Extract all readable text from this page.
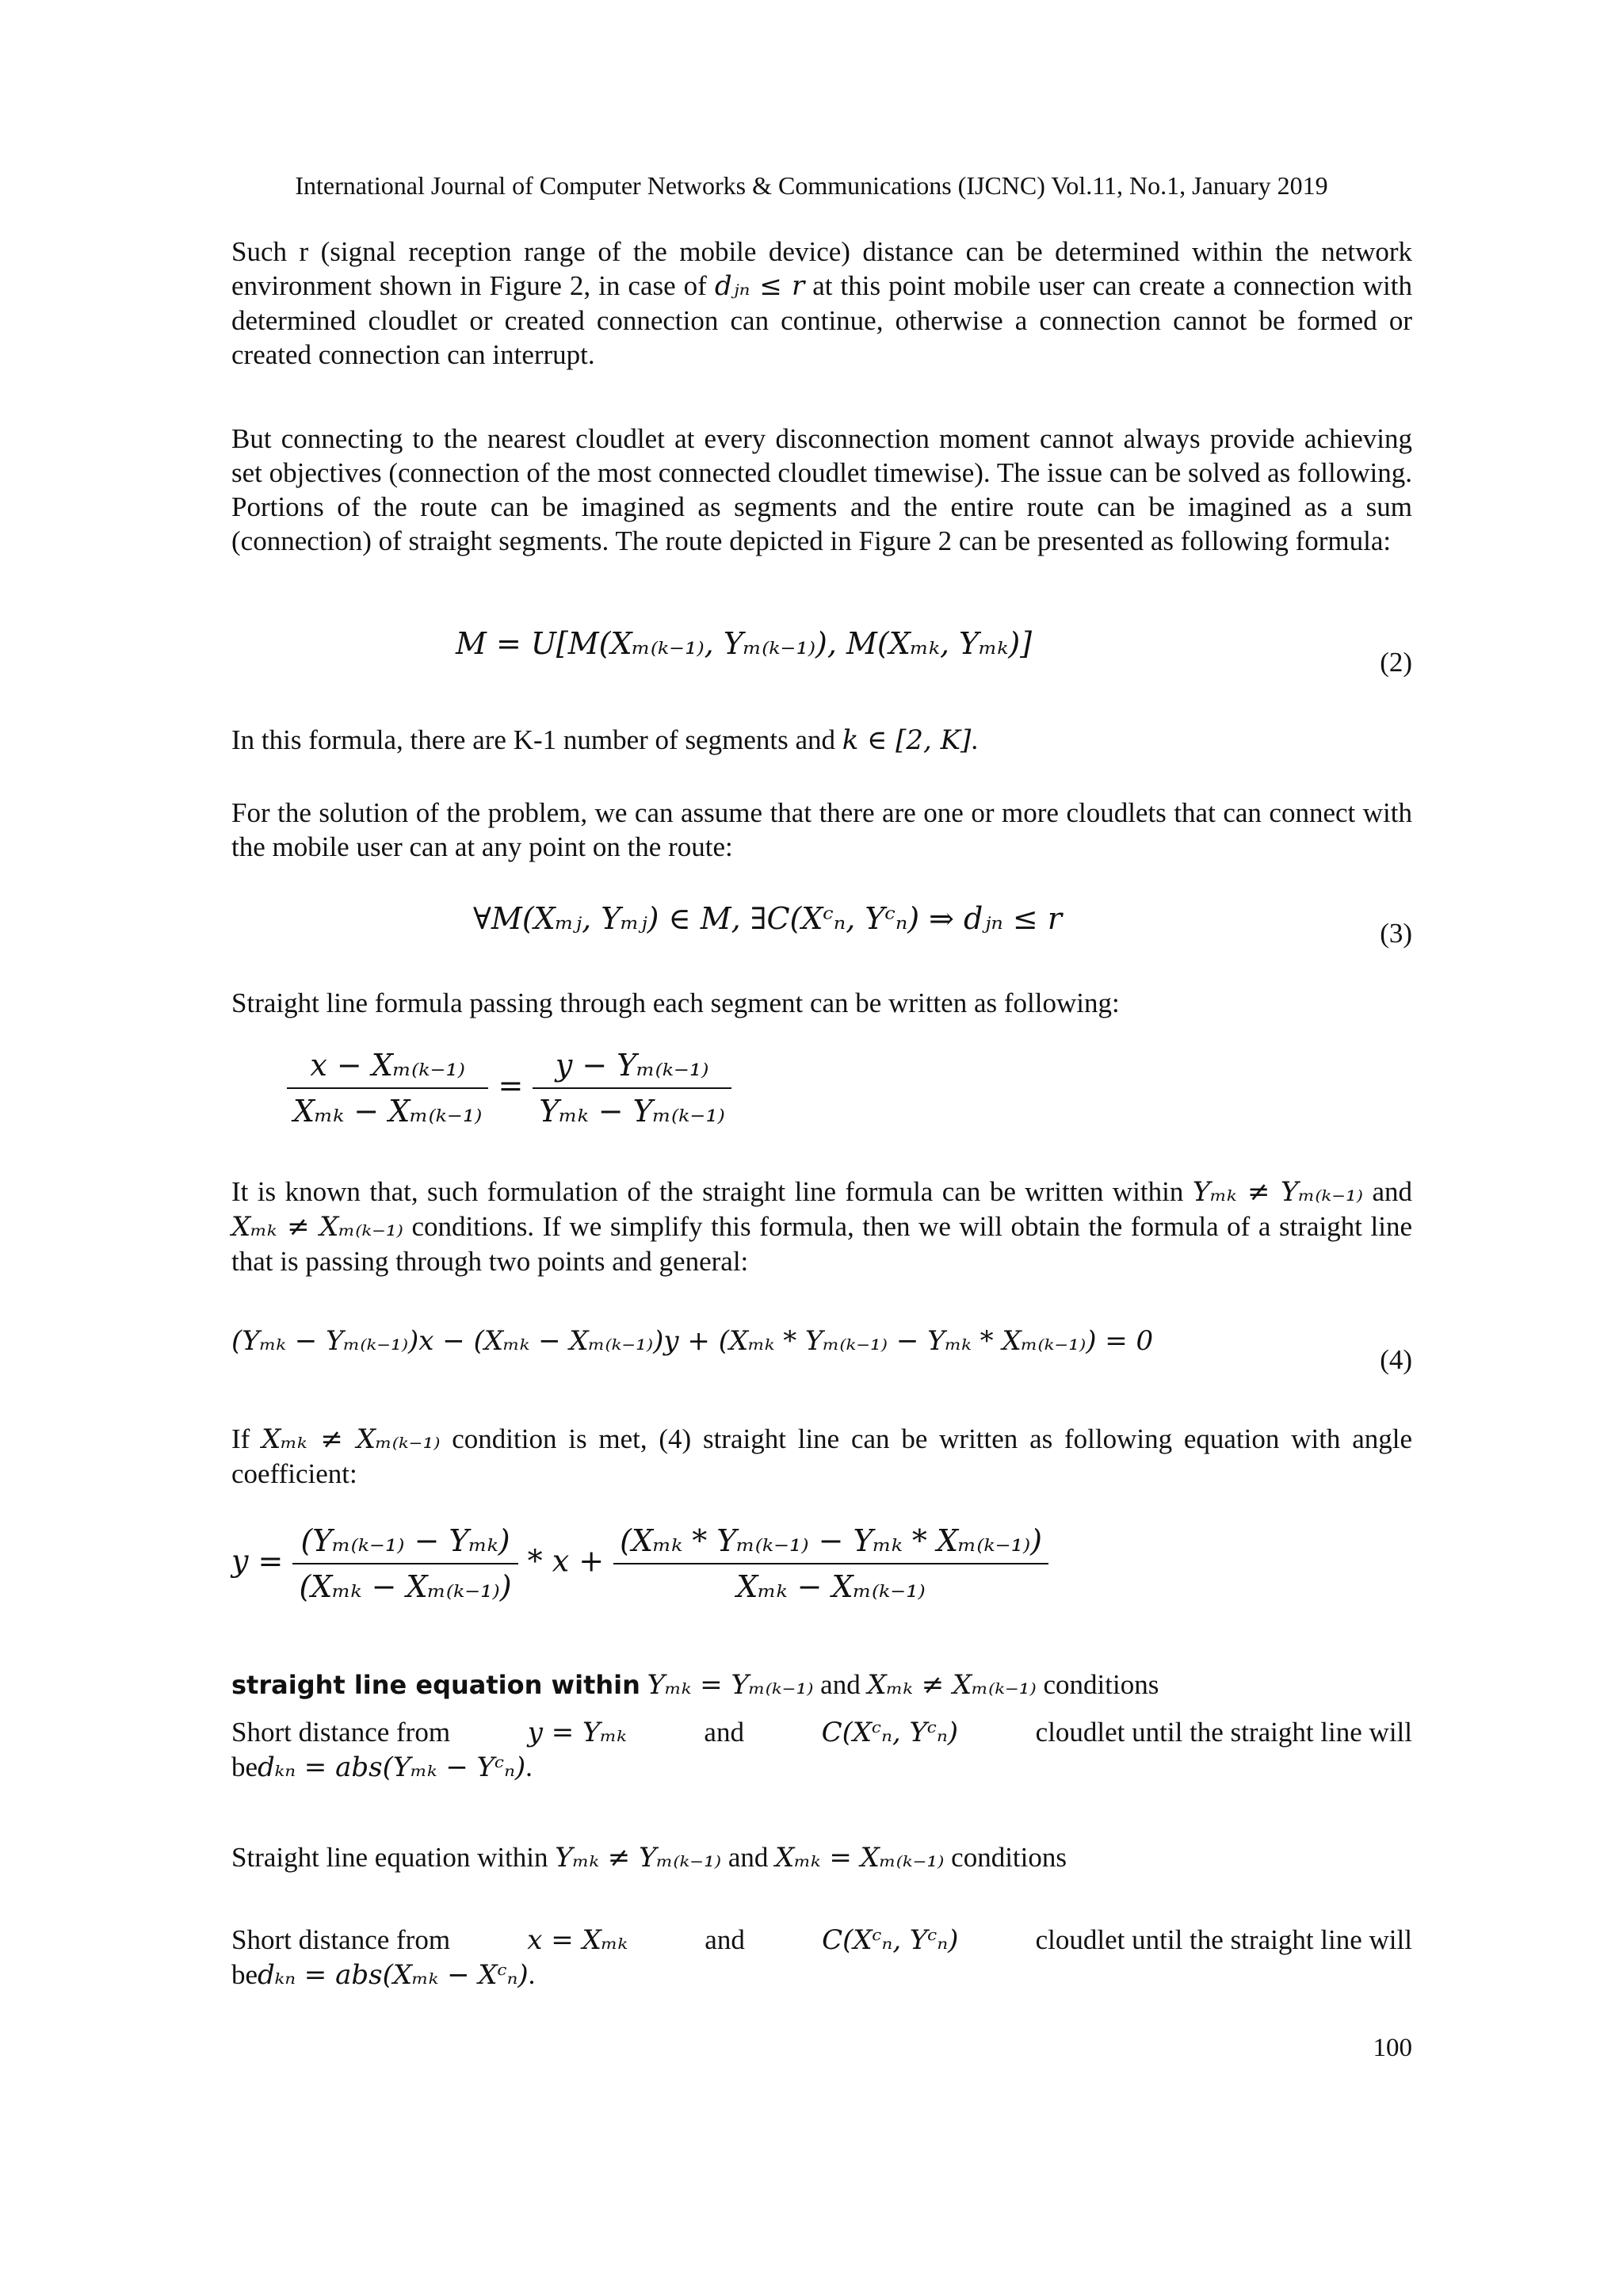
International Journal of Computer Networks & Communications (IJCNC) Vol.11, No.1, January 2019
Such r (signal reception range of the mobile device) distance can be determined within the network environment shown in Figure 2, in case of dⱼₙ ≤ r at this point mobile user can create a connection with determined cloudlet or created connection can continue, otherwise a connection cannot be formed or created connection can interrupt.
But connecting to the nearest cloudlet at every disconnection moment cannot always provide achieving set objectives (connection of the most connected cloudlet timewise). The issue can be solved as following. Portions of the route can be imagined as segments and the entire route can be imagined as a sum (connection) of straight segments. The route depicted in Figure 2 can be presented as following formula:
M = U[M(Xₘ₍ₖ₋₁₎, Yₘ₍ₖ₋₁₎), M(Xₘₖ, Yₘₖ)]
(2)
In this formula, there are K-1 number of segments and k ∈ [2, K].
For the solution of the problem, we can assume that there are one or more cloudlets that can connect with the mobile user can at any point on the route:
∀M(Xₘⱼ, Yₘⱼ) ∈ M, ∃C(Xᶜₙ, Yᶜₙ) ⇒ dⱼₙ ≤ r	(3)
Straight line formula passing through each segment can be written as following:
$\frac{\text{x − Xₘ₍ₖ₋₁₎}}{\text{Xₘₖ − Xₘ₍ₖ₋₁₎}} = \frac{\text{y − Yₘ₍ₖ₋₁₎}}{\text{Yₘₖ − Yₘ₍ₖ₋₁₎}}$
It is known that, such formulation of the straight line formula can be written within Yₘₖ ≠ Yₘ₍ₖ₋₁₎ and Xₘₖ ≠ Xₘ₍ₖ₋₁₎ conditions. If we simplify this formula, then we will obtain the formula of a straight line that is passing through two points and general:
(Yₘₖ − Yₘ₍ₖ₋₁₎)x − (Xₘₖ − Xₘ₍ₖ₋₁₎)y + (Xₘₖ * Yₘ₍ₖ₋₁₎ − Yₘₖ * Xₘ₍ₖ₋₁₎) = 0
(4)
If Xₘₖ ≠ Xₘ₍ₖ₋₁₎ condition is met, (4) straight line can be written as following equation with angle coefficient:
$y = \frac{\text{(Yₘ₍ₖ₋₁₎ − Yₘₖ)}}{\text{(Xₘₖ − Xₘ₍ₖ₋₁₎)}} * x + \frac{\text{(Xₘₖ * Yₘ₍ₖ₋₁₎ − Yₘₖ * Xₘ₍ₖ₋₁₎)}}{\text{Xₘₖ − Xₘ₍ₖ₋₁₎}}$
straight line equation within Yₘₖ = Yₘ₍ₖ₋₁₎ and Xₘₖ ≠ Xₘ₍ₖ₋₁₎ conditions
Short distance from	y = Yₘₖ	and	C(Xᶜₙ, Yᶜₙ)	cloudlet until the straight line will
bedₖₙ = abs(Yₘₖ − Yᶜₙ).
Straight line equation within Yₘₖ ≠ Yₘ₍ₖ₋₁₎ and Xₘₖ = Xₘ₍ₖ₋₁₎ conditions
Short distance from	x = Xₘₖ	and	C(Xᶜₙ, Yᶜₙ)	cloudlet until the straight line will
bedₖₙ = abs(Xₘₖ − Xᶜₙ).
100
